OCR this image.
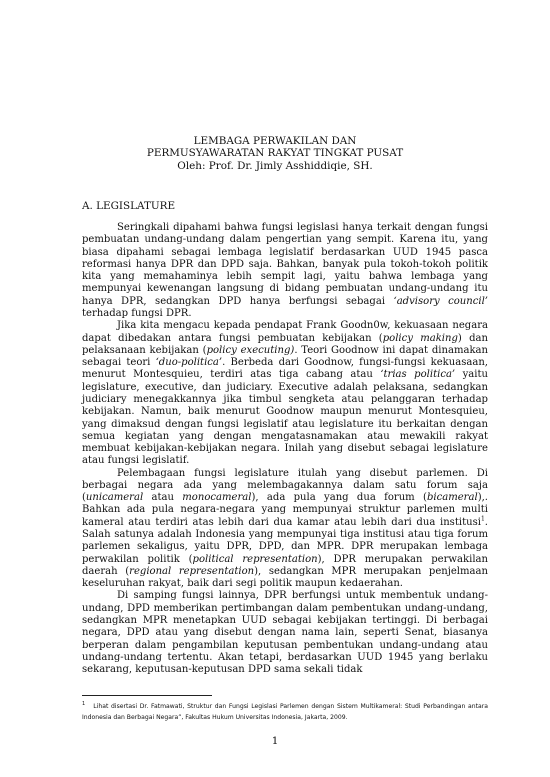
LEMBAGA PERWAKILAN DAN
PERMUSYAWARATAN RAKYAT TINGKAT PUSAT
Oleh: Prof. Dr. Jimly Asshiddiqie, SH.
A. LEGISLATURE

Seringkali dipahami bahwa fungsi legislasi hanya terkait dengan fungsi pembuatan undang-undang dalam pengertian yang sempit. Karena itu, yang biasa dipahami sebagai lembaga legislatif berdasarkan UUD 1945 pasca reformasi hanya DPR dan DPD saja. Bahkan, banyak pula tokoh-tokoh politik kita yang memahaminya lebih sempit lagi, yaitu bahwa lembaga yang mempunyai kewenangan langsung di bidang pembuatan undang-undang itu hanya DPR, sedangkan DPD hanya berfungsi sebagai ‘advisory council’ terhadap fungsi DPR.

Jika kita mengacu kepada pendapat Frank Goodn0w, kekuasaan negara dapat dibedakan antara fungsi pembuatan kebijakan (policy making) dan pelaksanaan kebijakan (policy executing). Teori Goodnow ini dapat dinamakan sebagai teori ‘duo-politica’. Berbeda dari Goodnow, fungsi-fungsi kekuasaan, menurut Montesquieu, terdiri atas tiga cabang atau ‘trias politica’ yaitu legislature, executive, dan judiciary. Executive adalah pelaksana, sedangkan judiciary menegakkannya jika timbul sengketa atau pelanggaran terhadap kebijakan. Namun, baik menurut Goodnow maupun menurut Montesquieu, yang dimaksud dengan fungsi legislatif atau legislature itu berkaitan dengan semua kegiatan yang dengan mengatasnamakan atau mewakili rakyat membuat kebijakan-kebijakan negara. Inilah yang disebut sebagai legislature atau fungsi legislatif.

Pelembagaan fungsi legislature itulah yang disebut parlemen. Di berbagai negara ada yang melembagakannya dalam satu forum saja (unicameral atau monocameral), ada pula yang dua forum (bicameral),. Bahkan ada pula negara-negara yang mempunyai struktur parlemen multi kameral atau terdiri atas lebih dari dua kamar atau lebih dari dua institusi$^1$. Salah satunya adalah Indonesia yang mempunyai tiga institusi atau tiga forum parlemen sekaligus, yaitu DPR, DPD, dan MPR. DPR merupakan lembaga perwakilan politik (political representation), DPR merupakan perwakilan daerah (regional representation), sedangkan MPR merupakan penjelmaan keseluruhan rakyat, baik dari segi politik maupun kedaerahan.

Di samping fungsi lainnya, DPR berfungsi untuk membentuk undang-undang, DPD memberikan pertimbangan dalam pembentukan undang-undang, sedangkan MPR menetapkan UUD sebagai kebijakan tertinggi. Di berbagai negara, DPD atau yang disebut dengan nama lain, seperti Senat, biasanya berperan dalam pengambilan keputusan pembentukan undang-undang atau undang-undang tertentu. Akan tetapi, berdasarkan UUD 1945 yang berlaku sekarang, keputusan-keputusan DPD sama sekali tidak

$^1$ Lihat disertasi Dr. Fatmawati, Struktur dan Fungsi Legislasi Parlemen dengan Sistem Multikameral: Studi Perbandingan antara Indonesia dan Berbagai Negara”, Fakultas Hukum Universitas Indonesia, Jakarta, 2009.
1
